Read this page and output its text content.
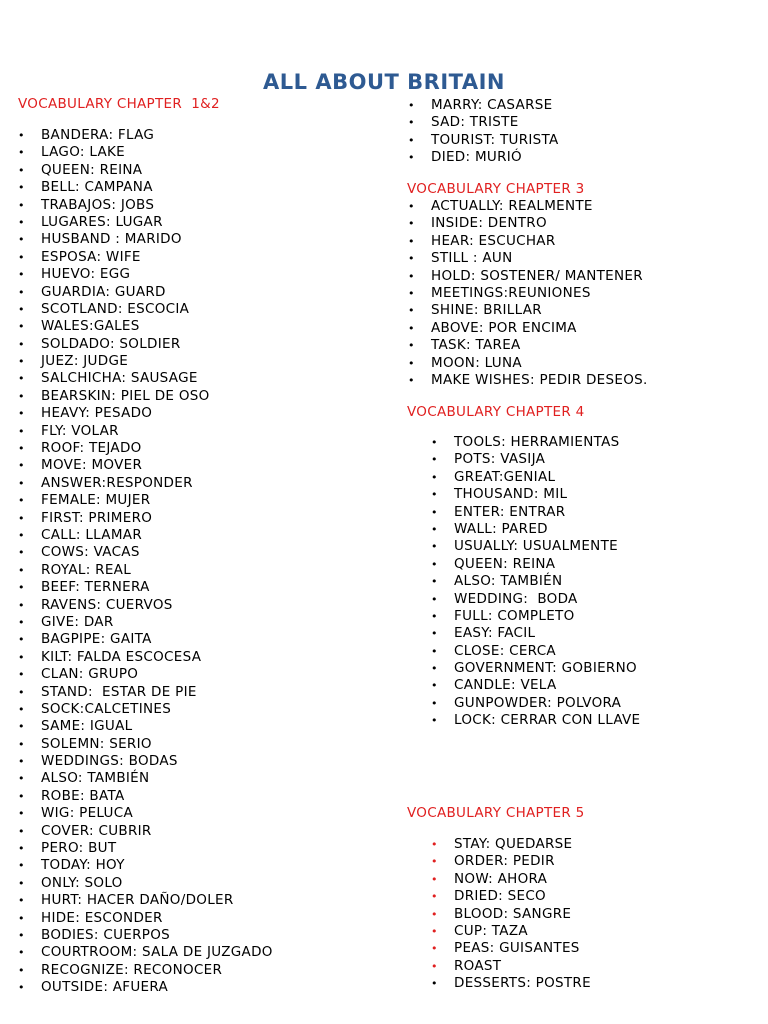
ALL ABOUT BRITAIN
VOCABULARY CHAPTER  1&2
• BANDERA: FLAG
• LAGO: LAKE
• QUEEN: REINA
• BELL: CAMPANA
• TRABAJOS: JOBS
• LUGARES: LUGAR
• HUSBAND : MARIDO
• ESPOSA: WIFE
• HUEVO: EGG
• GUARDIA: GUARD
• SCOTLAND: ESCOCIA
• WALES:GALES
• SOLDADO: SOLDIER
• JUEZ: JUDGE
• SALCHICHA: SAUSAGE
• BEARSKIN: PIEL DE OSO
• HEAVY: PESADO
• FLY: VOLAR
• ROOF: TEJADO
• MOVE: MOVER
• ANSWER:RESPONDER
• FEMALE: MUJER
• FIRST: PRIMERO
• CALL: LLAMAR
• COWS: VACAS
• ROYAL: REAL
• BEEF: TERNERA
• RAVENS: CUERVOS
• GIVE: DAR
• BAGPIPE: GAITA
• KILT: FALDA ESCOCESA
• CLAN: GRUPO
• STAND:  ESTAR DE PIE
• SOCK:CALCETINES
• SAME: IGUAL
• SOLEMN: SERIO
• WEDDINGS: BODAS
• ALSO: TAMBIÉN
• ROBE: BATA
• WIG: PELUCA
• COVER: CUBRIR
• PERO: BUT
• TODAY: HOY
• ONLY: SOLO
• HURT: HACER DAÑO/DOLER
• HIDE: ESCONDER
• BODIES: CUERPOS
• COURTROOM: SALA DE JUZGADO
• RECOGNIZE: RECONOCER
• OUTSIDE: AFUERA
• MARRY: CASARSE
• SAD: TRISTE
• TOURIST: TURISTA
• DIED: MURIÓ
VOCABULARY CHAPTER 3
• ACTUALLY: REALMENTE
• INSIDE: DENTRO
• HEAR: ESCUCHAR
• STILL : AUN
• HOLD: SOSTENER/ MANTENER
• MEETINGS:REUNIONES
• SHINE: BRILLAR
• ABOVE: POR ENCIMA
• TASK: TAREA
• MOON: LUNA
• MAKE WISHES: PEDIR DESEOS.
VOCABULARY CHAPTER 4
• TOOLS: HERRAMIENTAS
• POTS: VASIJA
• GREAT:GENIAL
• THOUSAND: MIL
• ENTER: ENTRAR
• WALL: PARED
• USUALLY: USUALMENTE
• QUEEN: REINA
• ALSO: TAMBIÉN
• WEDDING:  BODA
• FULL: COMPLETO
• EASY: FACIL
• CLOSE: CERCA
• GOVERNMENT: GOBIERNO
• CANDLE: VELA
• GUNPOWDER: POLVORA
• LOCK: CERRAR CON LLAVE
VOCABULARY CHAPTER 5
• STAY: QUEDARSE
• ORDER: PEDIR
• NOW: AHORA
• DRIED: SECO
• BLOOD: SANGRE
• CUP: TAZA
• PEAS: GUISANTES
• ROAST
• DESSERTS: POSTRE
